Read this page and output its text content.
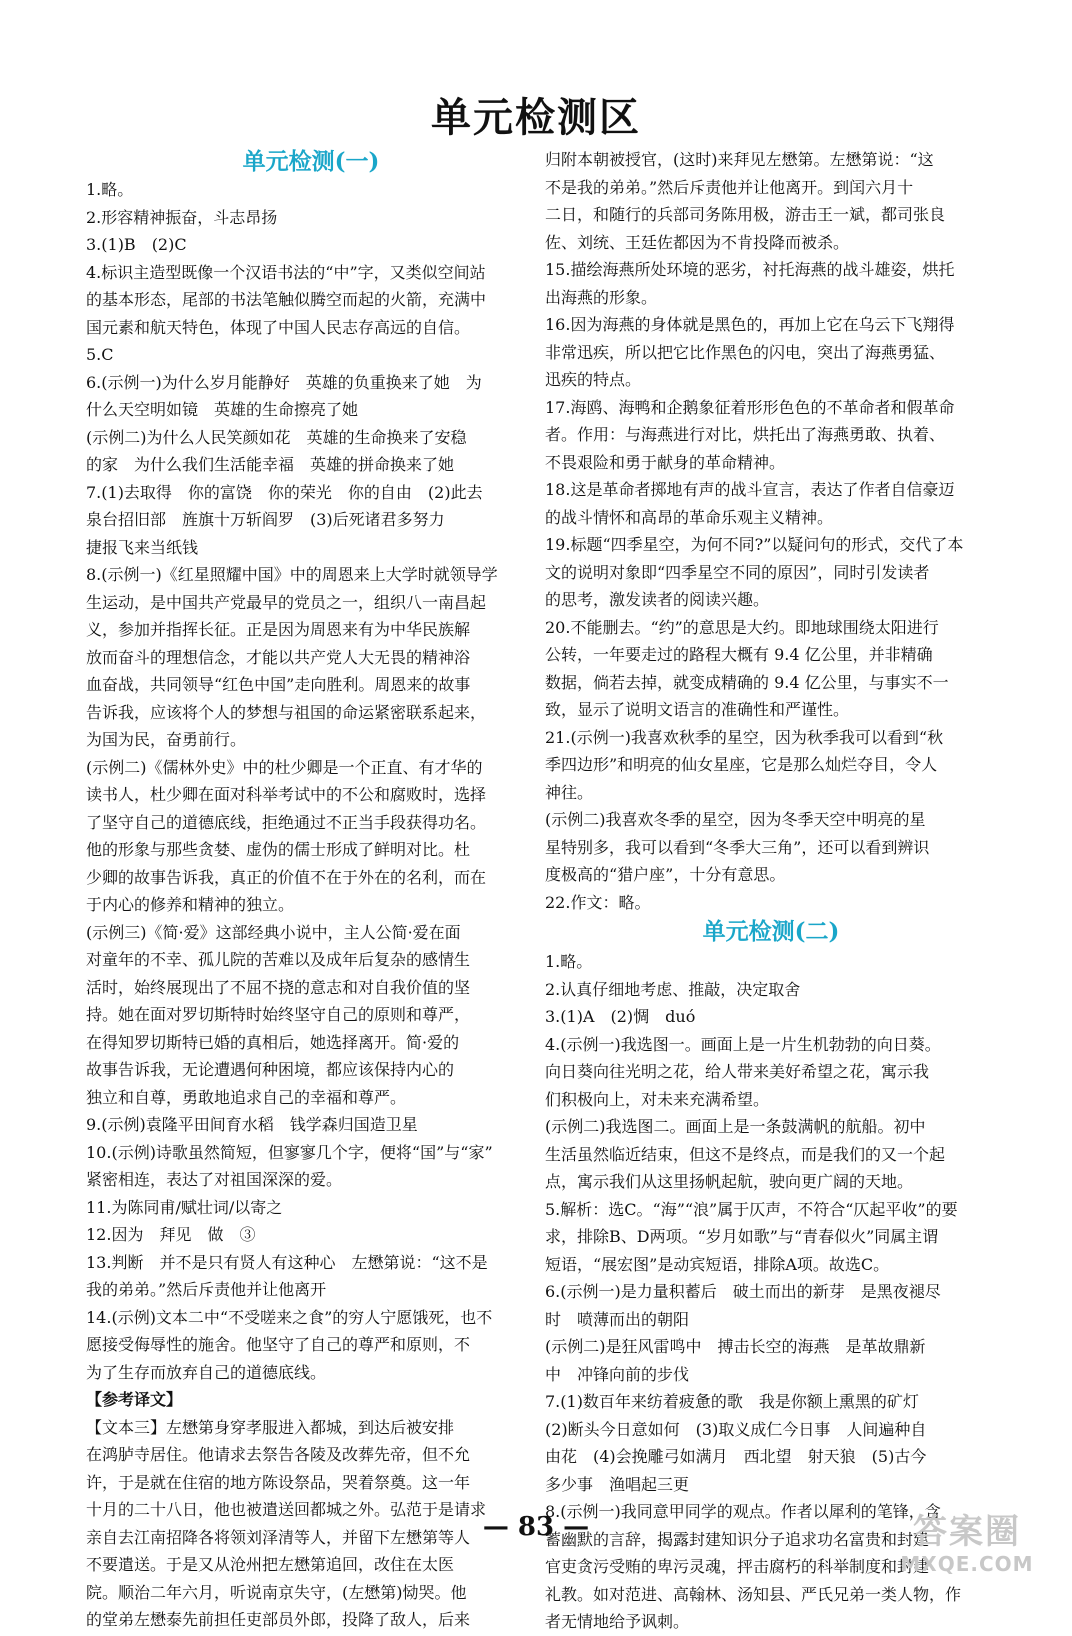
单元检测区
单元检测(一)
1.略。
2.形容精神振奋，斗志昂扬
3.(1)B　(2)C
4.标识主造型既像一个汉语书法的“中”字，又类似空间站
的基本形态，尾部的书法笔触似腾空而起的火箭，充满中
国元素和航天特色，体现了中国人民志存高远的自信。
5.C
6.(示例一)为什么岁月能静好　英雄的负重换来了她　为
什么天空明如镜　英雄的生命擦亮了她
(示例二)为什么人民笑颜如花　英雄的生命换来了安稳
的家　为什么我们生活能幸福　英雄的拼命换来了她
7.(1)去取得　你的富饶　你的荣光　你的自由　(2)此去
泉台招旧部　旌旗十万斩阎罗　(3)后死诸君多努力
捷报飞来当纸钱
8.(示例一)《红星照耀中国》中的周恩来上大学时就领导学
生运动，是中国共产党最早的党员之一，组织八一南昌起
义，参加并指挥长征。正是因为周恩来有为中华民族解
放而奋斗的理想信念，才能以共产党人大无畏的精神浴
血奋战，共同领导“红色中国”走向胜利。周恩来的故事
告诉我，应该将个人的梦想与祖国的命运紧密联系起来，
为国为民，奋勇前行。
(示例二)《儒林外史》中的杜少卿是一个正直、有才华的
读书人，杜少卿在面对科举考试中的不公和腐败时，选择
了坚守自己的道德底线，拒绝通过不正当手段获得功名。
他的形象与那些贪婪、虚伪的儒士形成了鲜明对比。杜
少卿的故事告诉我，真正的价值不在于外在的名利，而在
于内心的修养和精神的独立。
(示例三)《简·爱》这部经典小说中，主人公简·爱在面
对童年的不幸、孤儿院的苦难以及成年后复杂的感情生
活时，始终展现出了不屈不挠的意志和对自我价值的坚
持。她在面对罗切斯特时始终坚守自己的原则和尊严，
在得知罗切斯特已婚的真相后，她选择离开。简·爱的
故事告诉我，无论遭遇何种困境，都应该保持内心的
独立和自尊，勇敢地追求自己的幸福和尊严。
9.(示例)袁隆平田间育水稻　钱学森归国造卫星
10.(示例)诗歌虽然简短，但寥寥几个字，便将“国”与“家”
紧密相连，表达了对祖国深深的爱。
11.为陈同甫/赋壮词/以寄之
12.因为　拜见　做　③
13.判断　并不是只有贤人有这种心　左懋第说：“这不是
我的弟弟。”然后斥责他并让他离开
14.(示例)文本二中“不受嗟来之食”的穷人宁愿饿死，也不
愿接受侮辱性的施舍。他坚守了自己的尊严和原则，不
为了生存而放弃自己的道德底线。
【参考译文】
【文本三】左懋第身穿孝服进入都城，到达后被安排
在鸿胪寺居住。他请求去祭告各陵及改葬先帝，但不允
许，于是就在住宿的地方陈设祭品，哭着祭奠。这一年
十月的二十八日，他也被遣送回都城之外。弘范于是请求
亲自去江南招降各将领刘泽清等人，并留下左懋第等人
不要遣送。于是又从沧州把左懋第追回，改住在太医
院。顺治二年六月，听说南京失守，(左懋第)恸哭。他
的堂弟左懋泰先前担任吏部员外郎，投降了敌人，后来
归附本朝被授官，(这时)来拜见左懋第。左懋第说：“这
不是我的弟弟。”然后斥责他并让他离开。到闰六月十
二日，和随行的兵部司务陈用极，游击王一斌，都司张良
佐、刘统、王廷佐都因为不肯投降而被杀。
15.描绘海燕所处环境的恶劣，衬托海燕的战斗雄姿，烘托
出海燕的形象。
16.因为海燕的身体就是黑色的，再加上它在乌云下飞翔得
非常迅疾，所以把它比作黑色的闪电，突出了海燕勇猛、
迅疾的特点。
17.海鸥、海鸭和企鹅象征着形形色色的不革命者和假革命
者。作用：与海燕进行对比，烘托出了海燕勇敢、执着、
不畏艰险和勇于献身的革命精神。
18.这是革命者掷地有声的战斗宣言，表达了作者自信豪迈
的战斗情怀和高昂的革命乐观主义精神。
19.标题“四季星空，为何不同?”以疑问句的形式，交代了本
文的说明对象即“四季星空不同的原因”，同时引发读者
的思考，激发读者的阅读兴趣。
20.不能删去。“约”的意思是大约。即地球围绕太阳进行
公转，一年要走过的路程大概有 9.4 亿公里，并非精确
数据，倘若去掉，就变成精确的 9.4 亿公里，与事实不一
致，显示了说明文语言的准确性和严谨性。
21.(示例一)我喜欢秋季的星空，因为秋季我可以看到“秋
季四边形”和明亮的仙女星座，它是那么灿烂夺目，令人
神往。
(示例二)我喜欢冬季的星空，因为冬季天空中明亮的星
星特别多，我可以看到“冬季大三角”，还可以看到辨识
度极高的“猎户座”，十分有意思。
22.作文：略。
单元检测(二)
1.略。
2.认真仔细地考虑、推敲，决定取舍
3.(1)A　(2)惆　duó
4.(示例一)我选图一。画面上是一片生机勃勃的向日葵。
向日葵向往光明之花，给人带来美好希望之花，寓示我
们积极向上，对未来充满希望。
(示例二)我选图二。画面上是一条鼓满帆的航船。初中
生活虽然临近结束，但这不是终点，而是我们的又一个起
点，寓示我们从这里扬帆起航，驶向更广阔的天地。
5.解析：选C。“海”“浪”属于仄声，不符合“仄起平收”的要
求，排除B、D两项。“岁月如歌”与“青春似火”同属主谓
短语，“展宏图”是动宾短语，排除A项。故选C。
6.(示例一)是力量积蓄后　破土而出的新芽　是黑夜褪尽
时　喷薄而出的朝阳
(示例二)是狂风雷鸣中　搏击长空的海燕　是革故鼎新
中　冲锋向前的步伐
7.(1)数百年来纺着疲惫的歌　我是你额上熏黑的矿灯
(2)断头今日意如何　(3)取义成仁今日事　人间遍种自
由花　(4)会挽雕弓如满月　西北望　射天狼　(5)古今
多少事　渔唱起三更
8.(示例一)我同意甲同学的观点。作者以犀利的笔锋，含
蓄幽默的言辞，揭露封建知识分子追求功名富贵和封建
官吏贪污受贿的卑污灵魂，抨击腐朽的科举制度和封建
礼教。如对范进、高翰林、汤知县、严氏兄弟一类人物，作
者无情地给予讽刺。
— 83 —	答案圈
MXQE.COM
